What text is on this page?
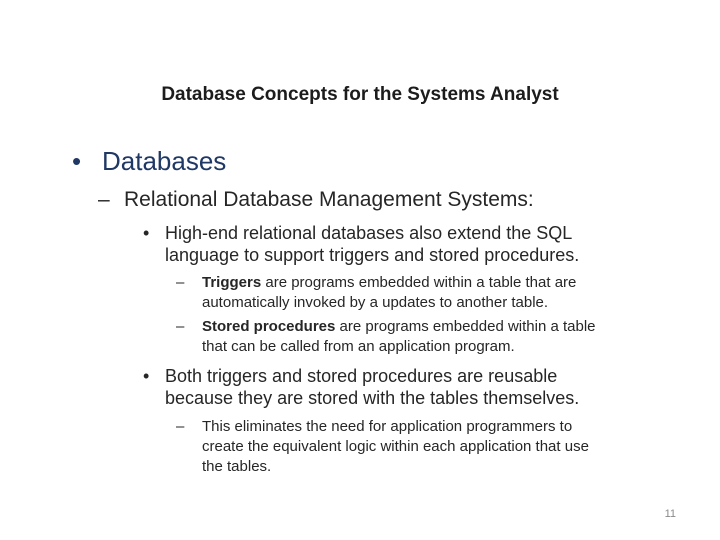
Database Concepts for the Systems Analyst
• Databases
– Relational Database Management Systems:
• High-end relational databases also extend the SQL
language to support triggers and stored procedures.
– Triggers are programs embedded within a table that are
automatically invoked by a updates to another table.
– Stored procedures are programs embedded within a table
that can be called from an application program.
• Both triggers and stored procedures are reusable
because they are stored with the tables themselves.
– This eliminates the need for application programmers to
create the equivalent logic within each application that use
the tables.
11
